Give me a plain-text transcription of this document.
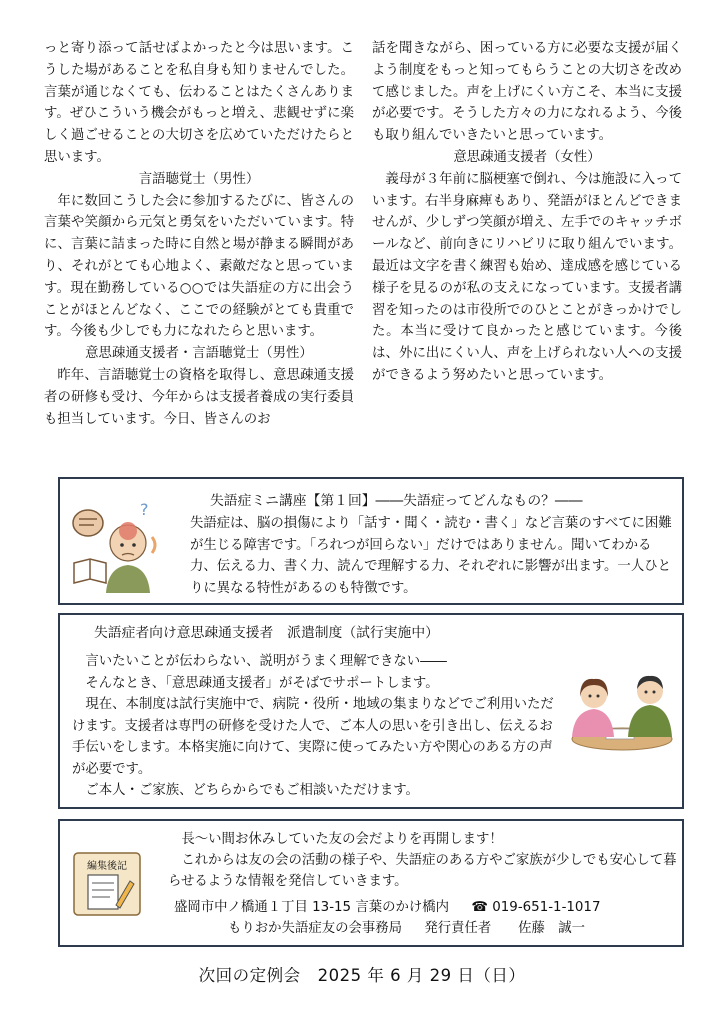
っと寄り添って話せばよかったと今は思います。こうした場があることを私自身も知りませんでした。言葉が通じなくても、伝わることはたくさんあります。ぜひこういう機会がもっと増え、悲観せずに楽しく過ごせることの大切さを広めていただけたらと思います。

言語聴覚士（男性）

年に数回こうした会に参加するたびに、皆さんの言葉や笑顔から元気と勇気をいただいています。特に、言葉に詰まった時に自然と場が静まる瞬間があり、それがとても心地よく、素敵だなと思っています。現在勤務している○○では失語症の方に出会うことがほとんどなく、ここでの経験がとても貴重です。今後も少しでも力になれたらと思います。

意思疎通支援者・言語聴覚士（男性）

昨年、言語聴覚士の資格を取得し、意思疎通支援者の研修も受け、今年からは支援者養成の実行委員も担当しています。今日、皆さんのお

話を聞きながら、困っている方に必要な支援が届くよう制度をもっと知ってもらうことの大切さを改めて感じました。声を上げにくい方こそ、本当に支援が必要です。そうした方々の力になれるよう、今後も取り組んでいきたいと思っています。

意思疎通支援者（女性）

義母が３年前に脳梗塞で倒れ、今は施設に入っています。右半身麻痺もあり、発語がほとんどできませんが、少しずつ笑顔が増え、左手でのキャッチボールなど、前向きにリハビリに取り組んでいます。最近は文字を書く練習も始め、達成感を感じている様子を見るのが私の支えになっています。支援者講習を知ったのは市役所でのひとことがきっかけでした。本当に受けて良かったと感じています。今後は、外に出にくい人、声を上げられない人への支援ができるよう努めたいと思っています。

?	失語症ミニ講座【第１回】――失語症ってどんなもの？――
失語症は、脳の損傷により「話す・聞く・読む・書く」など言葉のすべてに困難が生じる障害です。「ろれつが回らない」だけではありません。聞いてわかる力、伝える力、書く力、読んで理解する力、それぞれに影響が出ます。一人ひとりに異なる特性があるのも特徴です。
失語症者向け意思疎通支援者　派遣制度（試行実施中）

言いたいことが伝わらない、説明がうまく理解できない――

そんなとき、「意思疎通支援者」がそばでサポートします。

現在、本制度は試行実施中で、病院・役所・地域の集まりなどでご利用いただけます。支援者は専門の研修を受けた人で、ご本人の思いを引き出し、伝えるお手伝いをします。本格実施に向けて、実際に使ってみたい方や関心のある方の声が必要です。

ご本人・ご家族、どちらからでもご相談いただけます。

編集後記

長～い間お休みしていた友の会だよりを再開します！

これからは友の会の活動の様子や、失語症のある方やご家族が少しでも安心して暮らせるような情報を発信していきます。

盛岡市中ノ橋通１丁目 13-15 言葉のかけ橋内 ☎ 019-651-1-1017

もりおか失語症友の会事務局 発行責任者　　佐藤　誠一

次回の定例会　2025 年 6 月 29 日（日）
